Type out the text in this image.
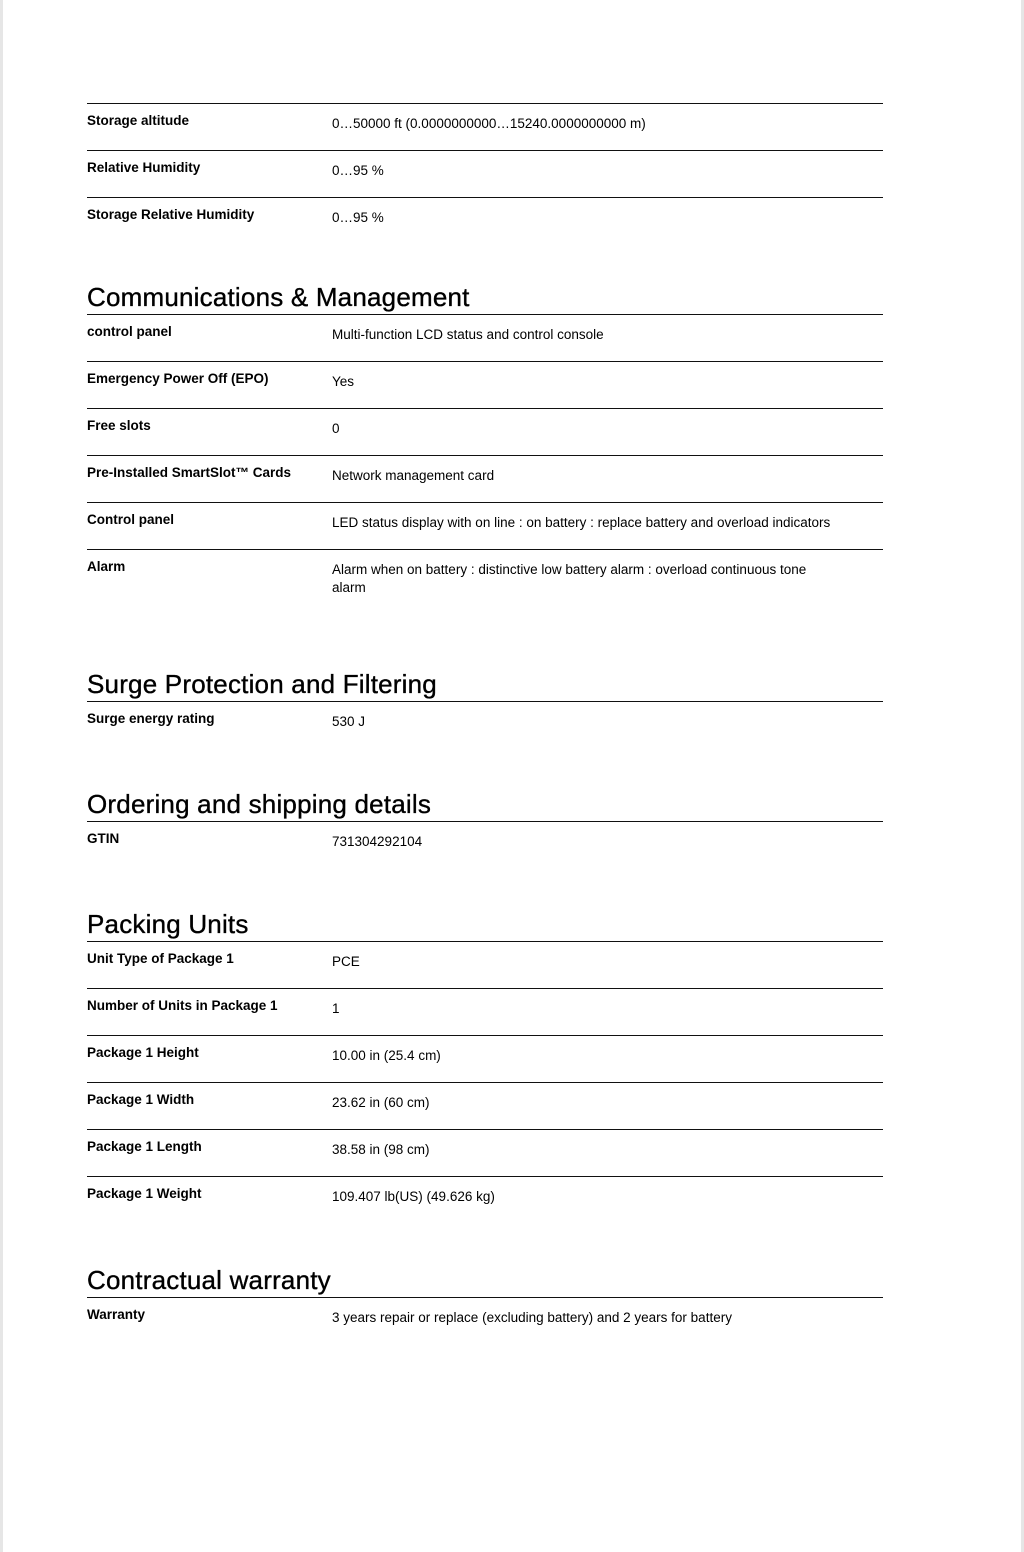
Storage altitude	0…50000 ft (0.0000000000…15240.0000000000 m)
Relative Humidity	0…95 %
Storage Relative Humidity	0…95 %
Communications & Management
control panel	Multi-function LCD status and control console
Emergency Power Off (EPO)	Yes
Free slots	0
Pre-Installed SmartSlot™ Cards	Network management card
Control panel	LED status display with on line : on battery : replace battery and overload indicators
Alarm	Alarm when on battery : distinctive low battery alarm : overload continuous tone alarm
Surge Protection and Filtering
Surge energy rating	530 J
Ordering and shipping details
GTIN	731304292104
Packing Units
Unit Type of Package 1	PCE
Number of Units in Package 1	1
Package 1 Height	10.00 in (25.4 cm)
Package 1 Width	23.62 in (60 cm)
Package 1 Length	38.58 in (98 cm)
Package 1 Weight	109.407 lb(US) (49.626 kg)
Contractual warranty
Warranty	3 years repair or replace (excluding battery) and 2 years for battery
